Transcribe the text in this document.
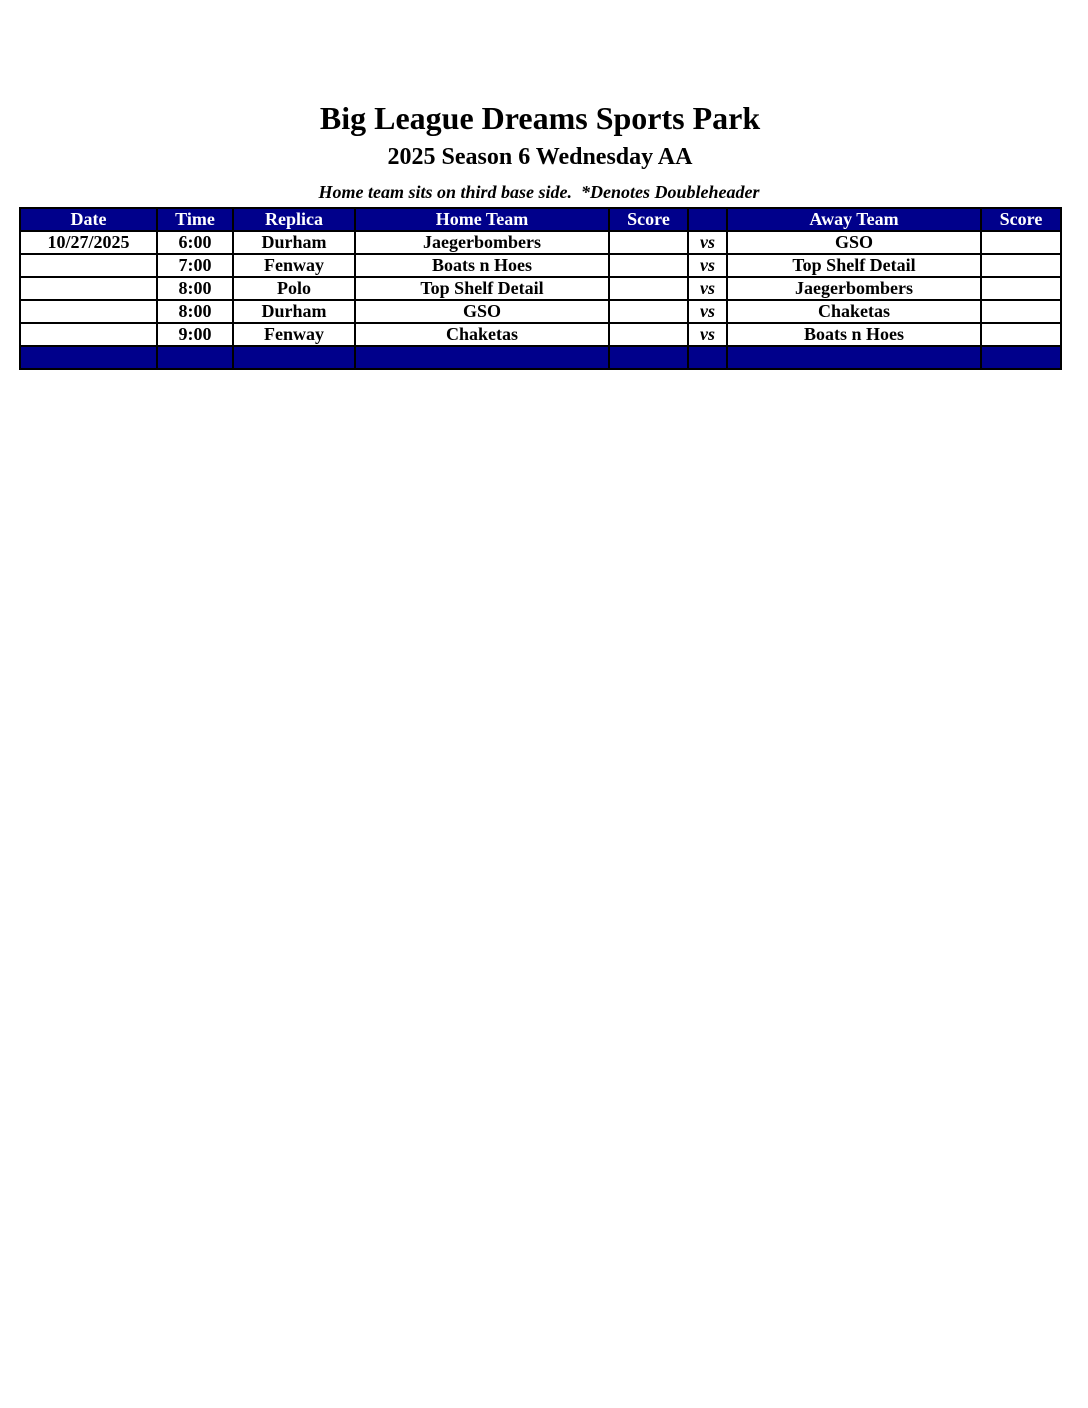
Big League Dreams Sports Park
2025 Season 6 Wednesday AA
Home team sits on third base side.  *Denotes Doubleheader
Date	Time	Replica	Home Team	Score		Away Team	Score
10/27/2025	6:00	Durham	Jaegerbombers		vs	GSO	
	7:00	Fenway	Boats n Hoes		vs	Top Shelf Detail	
	8:00	Polo	Top Shelf Detail		vs	Jaegerbombers	
	8:00	Durham	GSO		vs	Chaketas	
	9:00	Fenway	Chaketas		vs	Boats n Hoes	
